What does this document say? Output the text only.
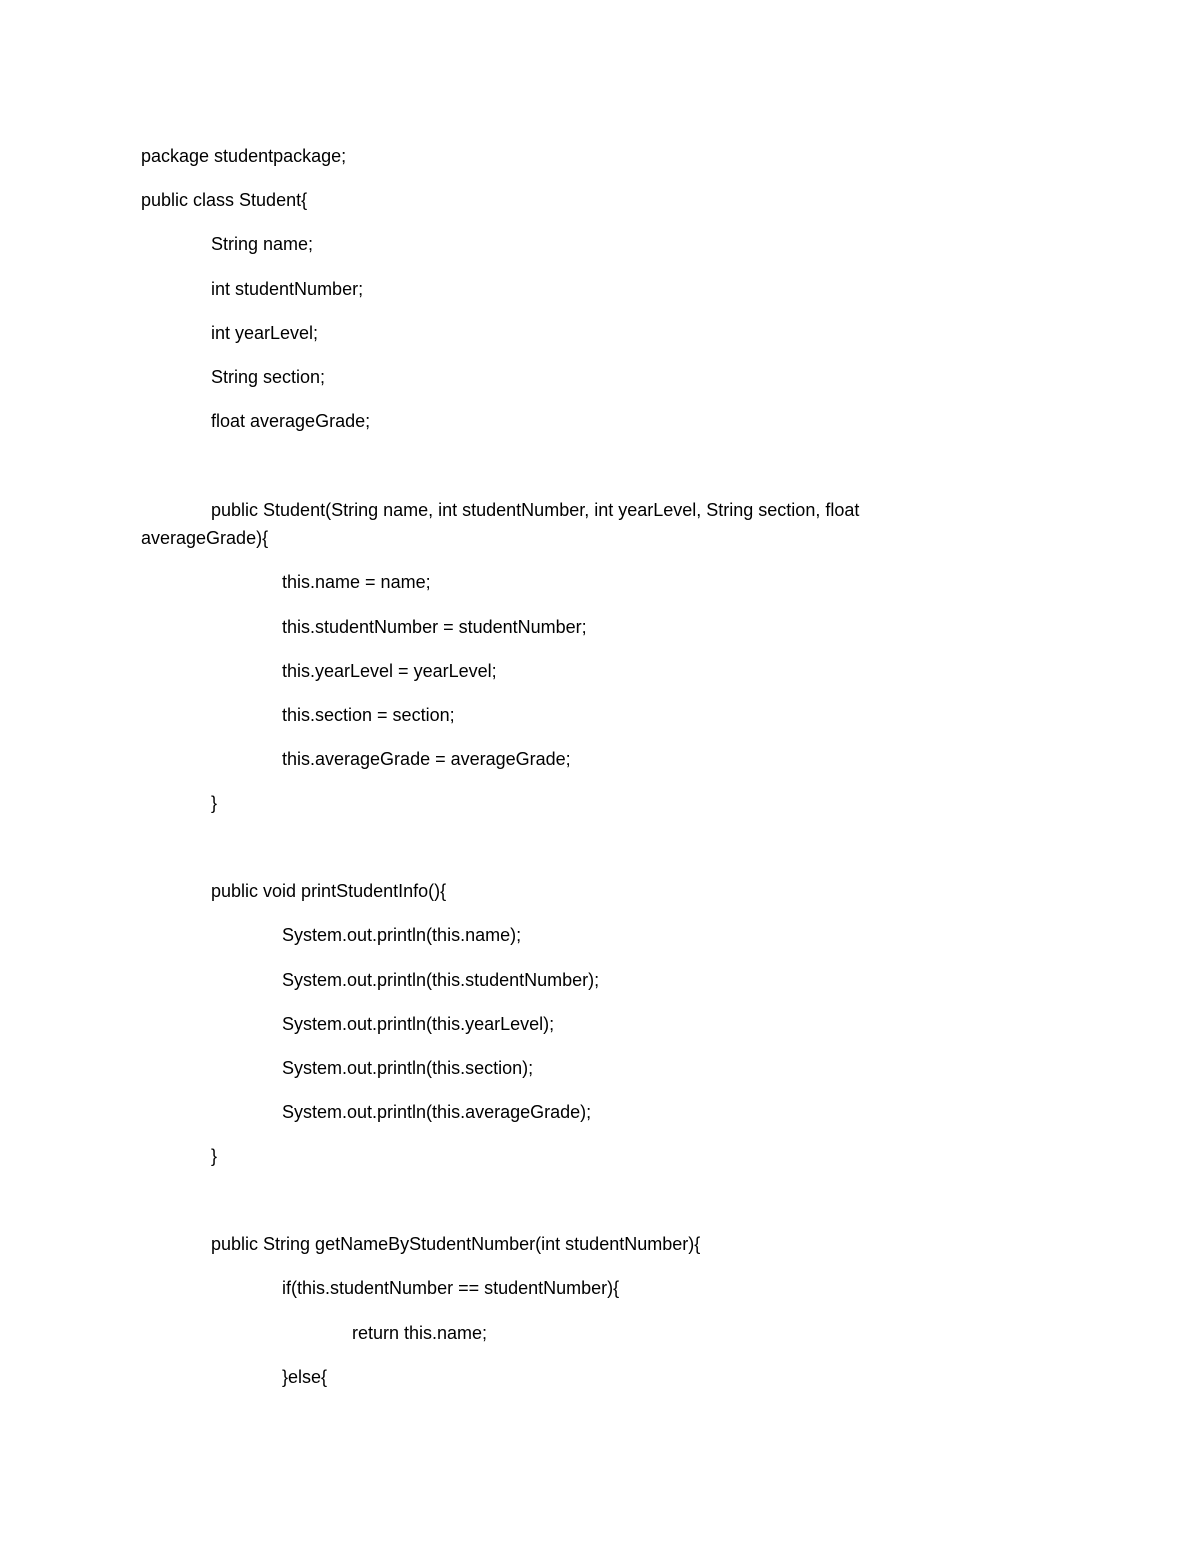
package studentpackage;
public class Student{
String name;
int studentNumber;
int yearLevel;
String section;
float averageGrade;
public Student(String name, int studentNumber, int yearLevel, String section, float
averageGrade){
this.name = name;
this.studentNumber = studentNumber;
this.yearLevel = yearLevel;
this.section = section;
this.averageGrade = averageGrade;
}
public void printStudentInfo(){
System.out.println(this.name);
System.out.println(this.studentNumber);
System.out.println(this.yearLevel);
System.out.println(this.section);
System.out.println(this.averageGrade);
}
public String getNameByStudentNumber(int studentNumber){
if(this.studentNumber == studentNumber){
return this.name;
}else{
